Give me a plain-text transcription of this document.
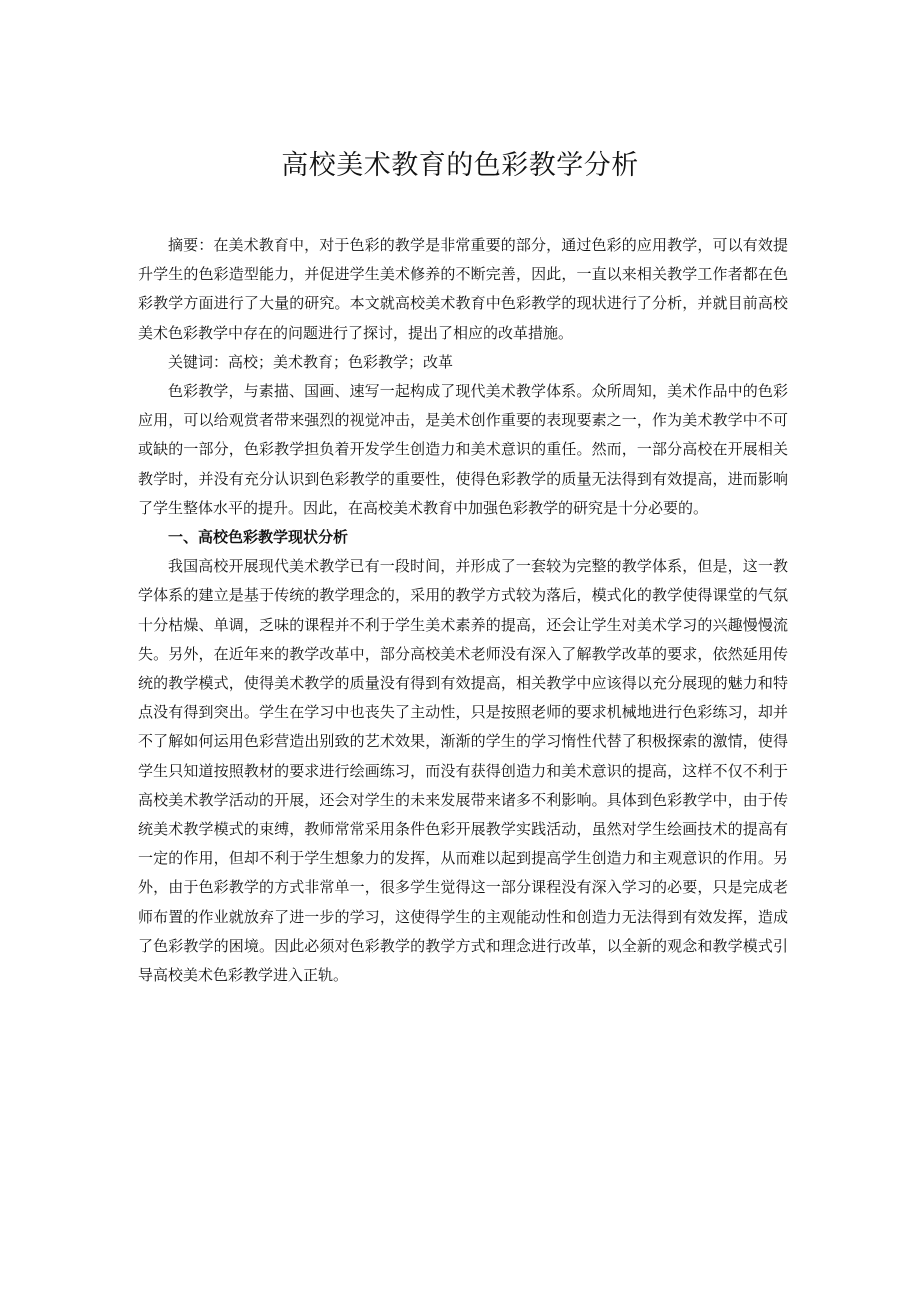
高校美术教育的色彩教学分析

摘要：在美术教育中，对于色彩的教学是非常重要的部分，通过色彩的应用教学，可以有效提升学生的色彩造型能力，并促进学生美术修养的不断完善，因此，一直以来相关教学工作者都在色彩教学方面进行了大量的研究。本文就高校美术教育中色彩教学的现状进行了分析，并就目前高校美术色彩教学中存在的问题进行了探讨，提出了相应的改革措施。

关键词：高校；美术教育；色彩教学；改革

色彩教学，与素描、国画、速写一起构成了现代美术教学体系。众所周知，美术作品中的色彩应用，可以给观赏者带来强烈的视觉冲击，是美术创作重要的表现要素之一，作为美术教学中不可或缺的一部分，色彩教学担负着开发学生创造力和美术意识的重任。然而，一部分高校在开展相关教学时，并没有充分认识到色彩教学的重要性，使得色彩教学的质量无法得到有效提高，进而影响了学生整体水平的提升。因此，在高校美术教育中加强色彩教学的研究是十分必要的。

一、高校色彩教学现状分析

我国高校开展现代美术教学已有一段时间，并形成了一套较为完整的教学体系，但是，这一教学体系的建立是基于传统的教学理念的，采用的教学方式较为落后，模式化的教学使得课堂的气氛十分枯燥、单调，乏味的课程并不利于学生美术素养的提高，还会让学生对美术学习的兴趣慢慢流失。另外，在近年来的教学改革中，部分高校美术老师没有深入了解教学改革的要求，依然延用传统的教学模式，使得美术教学的质量没有得到有效提高，相关教学中应该得以充分展现的魅力和特点没有得到突出。学生在学习中也丧失了主动性，只是按照老师的要求机械地进行色彩练习，却并不了解如何运用色彩营造出别致的艺术效果，渐渐的学生的学习惰性代替了积极探索的激情，使得学生只知道按照教材的要求进行绘画练习，而没有获得创造力和美术意识的提高，这样不仅不利于高校美术教学活动的开展，还会对学生的未来发展带来诸多不利影响。具体到色彩教学中，由于传统美术教学模式的束缚，教师常常采用条件色彩开展教学实践活动，虽然对学生绘画技术的提高有一定的作用，但却不利于学生想象力的发挥，从而难以起到提高学生创造力和主观意识的作用。另外，由于色彩教学的方式非常单一，很多学生觉得这一部分课程没有深入学习的必要，只是完成老师布置的作业就放弃了进一步的学习，这使得学生的主观能动性和创造力无法得到有效发挥，造成了色彩教学的困境。因此必须对色彩教学的教学方式和理念进行改革，以全新的观念和教学模式引导高校美术色彩教学进入正轨。
